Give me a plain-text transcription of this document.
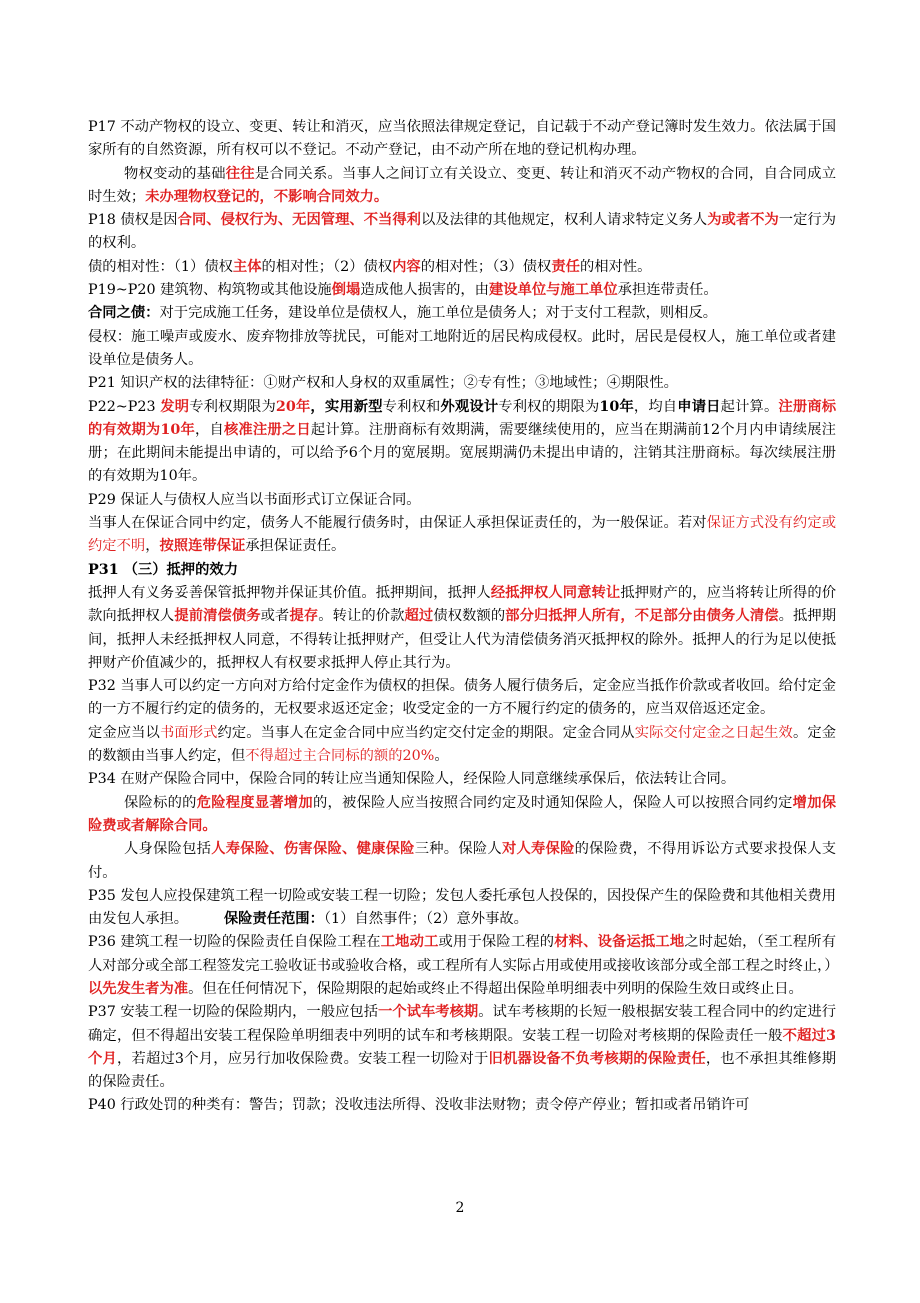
P17 不动产物权的设立、变更、转让和消灭，应当依照法律规定登记，自记载于不动产登记簿时发生效力。依法属于国家所有的自然资源，所有权可以不登记。不动产登记，由不动产所在地的登记机构办理。

物权变动的基础往往是合同关系。当事人之间订立有关设立、变更、转让和消灭不动产物权的合同，自合同成立时生效；未办理物权登记的，不影响合同效力。

P18 债权是因合同、侵权行为、无因管理、不当得利以及法律的其他规定，权利人请求特定义务人为或者不为一定行为的权利。

债的相对性：（1）债权主体的相对性；（2）债权内容的相对性；（3）债权责任的相对性。

P19~P20 建筑物、构筑物或其他设施倒塌造成他人损害的，由建设单位与施工单位承担连带责任。

合同之债：对于完成施工任务，建设单位是债权人，施工单位是债务人；对于支付工程款，则相反。

侵权：施工噪声或废水、废弃物排放等扰民，可能对工地附近的居民构成侵权。此时，居民是侵权人，施工单位或者建设单位是债务人。

P21 知识产权的法律特征：①财产权和人身权的双重属性；②专有性；③地域性；④期限性。

P22~P23 发明专利权期限为20年，实用新型专利权和外观设计专利权的期限为10年，均自申请日起计算。注册商标的有效期为10年，自核准注册之日起计算。注册商标有效期满，需要继续使用的，应当在期满前12个月内申请续展注册；在此期间未能提出申请的，可以给予6个月的宽展期。宽展期满仍未提出申请的，注销其注册商标。每次续展注册的有效期为10年。

P29 保证人与债权人应当以书面形式订立保证合同。

当事人在保证合同中约定，债务人不能履行债务时，由保证人承担保证责任的，为一般保证。若对保证方式没有约定或约定不明，按照连带保证承担保证责任。

P31 （三）抵押的效力

抵押人有义务妥善保管抵押物并保证其价值。抵押期间，抵押人经抵押权人同意转让抵押财产的，应当将转让所得的价款向抵押权人提前清偿债务或者提存。转让的价款超过债权数额的部分归抵押人所有，不足部分由债务人清偿。抵押期间，抵押人未经抵押权人同意，不得转让抵押财产，但受让人代为清偿债务消灭抵押权的除外。抵押人的行为足以使抵押财产价值减少的，抵押权人有权要求抵押人停止其行为。

P32 当事人可以约定一方向对方给付定金作为债权的担保。债务人履行债务后，定金应当抵作价款或者收回。给付定金的一方不履行约定的债务的，无权要求返还定金；收受定金的一方不履行约定的债务的，应当双倍返还定金。

定金应当以书面形式约定。当事人在定金合同中应当约定交付定金的期限。定金合同从实际交付定金之日起生效。定金的数额由当事人约定，但不得超过主合同标的额的20%。

P34 在财产保险合同中，保险合同的转让应当通知保险人，经保险人同意继续承保后，依法转让合同。

保险标的的危险程度显著增加的，被保险人应当按照合同约定及时通知保险人，保险人可以按照合同约定增加保险费或者解除合同。

人身保险包括人寿保险、伤害保险、健康保险三种。保险人对人寿保险的保险费，不得用诉讼方式要求投保人支付。

P35 发包人应投保建筑工程一切险或安装工程一切险；发包人委托承包人投保的，因投保产生的保险费和其他相关费用由发包人承担。　　　保险责任范围：（1）自然事件；（2）意外事故。

P36 建筑工程一切险的保险责任自保险工程在工地动工或用于保险工程的材料、设备运抵工地之时起始，（至工程所有人对部分或全部工程签发完工验收证书或验收合格，或工程所有人实际占用或使用或接收该部分或全部工程之时终止，）以先发生者为准。但在任何情况下，保险期限的起始或终止不得超出保险单明细表中列明的保险生效日或终止日。

P37 安装工程一切险的保险期内，一般应包括一个试车考核期。试车考核期的长短一般根据安装工程合同中的约定进行确定，但不得超出安装工程保险单明细表中列明的试车和考核期限。安装工程一切险对考核期的保险责任一般不超过3个月，若超过3个月，应另行加收保险费。安装工程一切险对于旧机器设备不负考核期的保险责任，也不承担其维修期的保险责任。

P40 行政处罚的种类有：警告；罚款；没收违法所得、没收非法财物；责令停产停业；暂扣或者吊销许可

2
